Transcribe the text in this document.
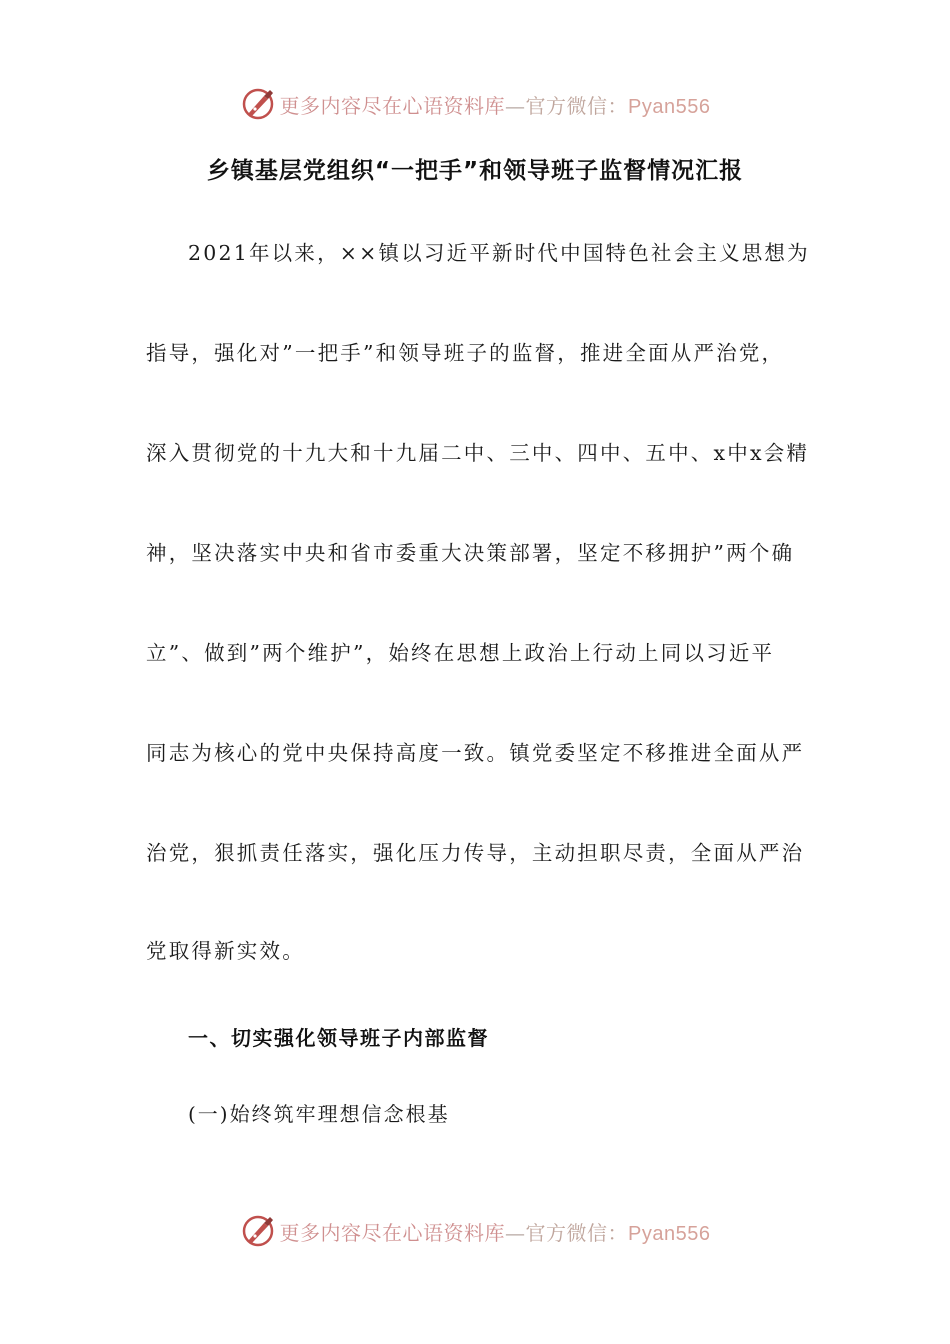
更多内容尽在心语资料库—官方微信：Pyan556
乡镇基层党组织“一把手”和领导班子监督情况汇报
2021年以来，××镇以习近平新时代中国特色社会主义思想为
指导，强化对”一把手”和领导班子的监督，推进全面从严治党，
深入贯彻党的十九大和十九届二中、三中、四中、五中、x中x会精
神，坚决落实中央和省市委重大决策部署，坚定不移拥护”两个确
立”、做到”两个维护”，始终在思想上政治上行动上同以习近平
同志为核心的党中央保持高度一致。镇党委坚定不移推进全面从严
治党，狠抓责任落实，强化压力传导，主动担职尽责，全面从严治
党取得新实效。
一、切实强化领导班子内部监督
(一)始终筑牢理想信念根基
更多内容尽在心语资料库—官方微信：Pyan556
